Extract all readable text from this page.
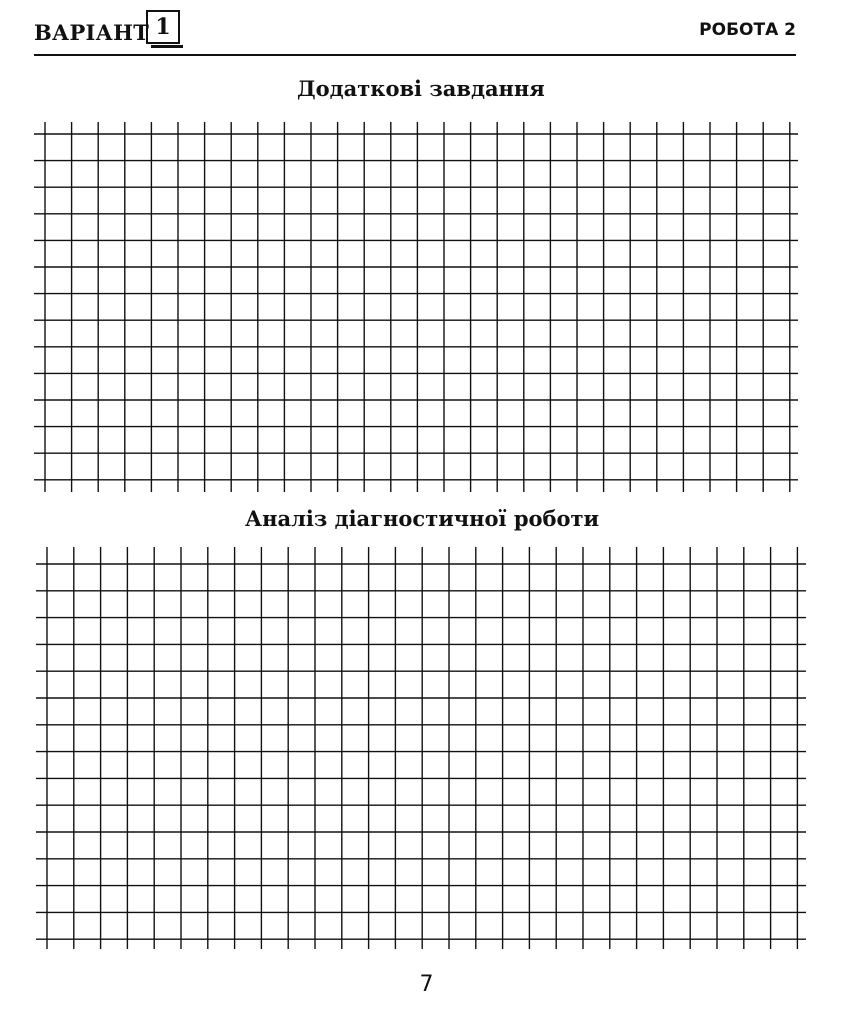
ВАРІАНТ 1	РОБОТА 2
Додаткові завдання
Аналіз діагностичної роботи
7
